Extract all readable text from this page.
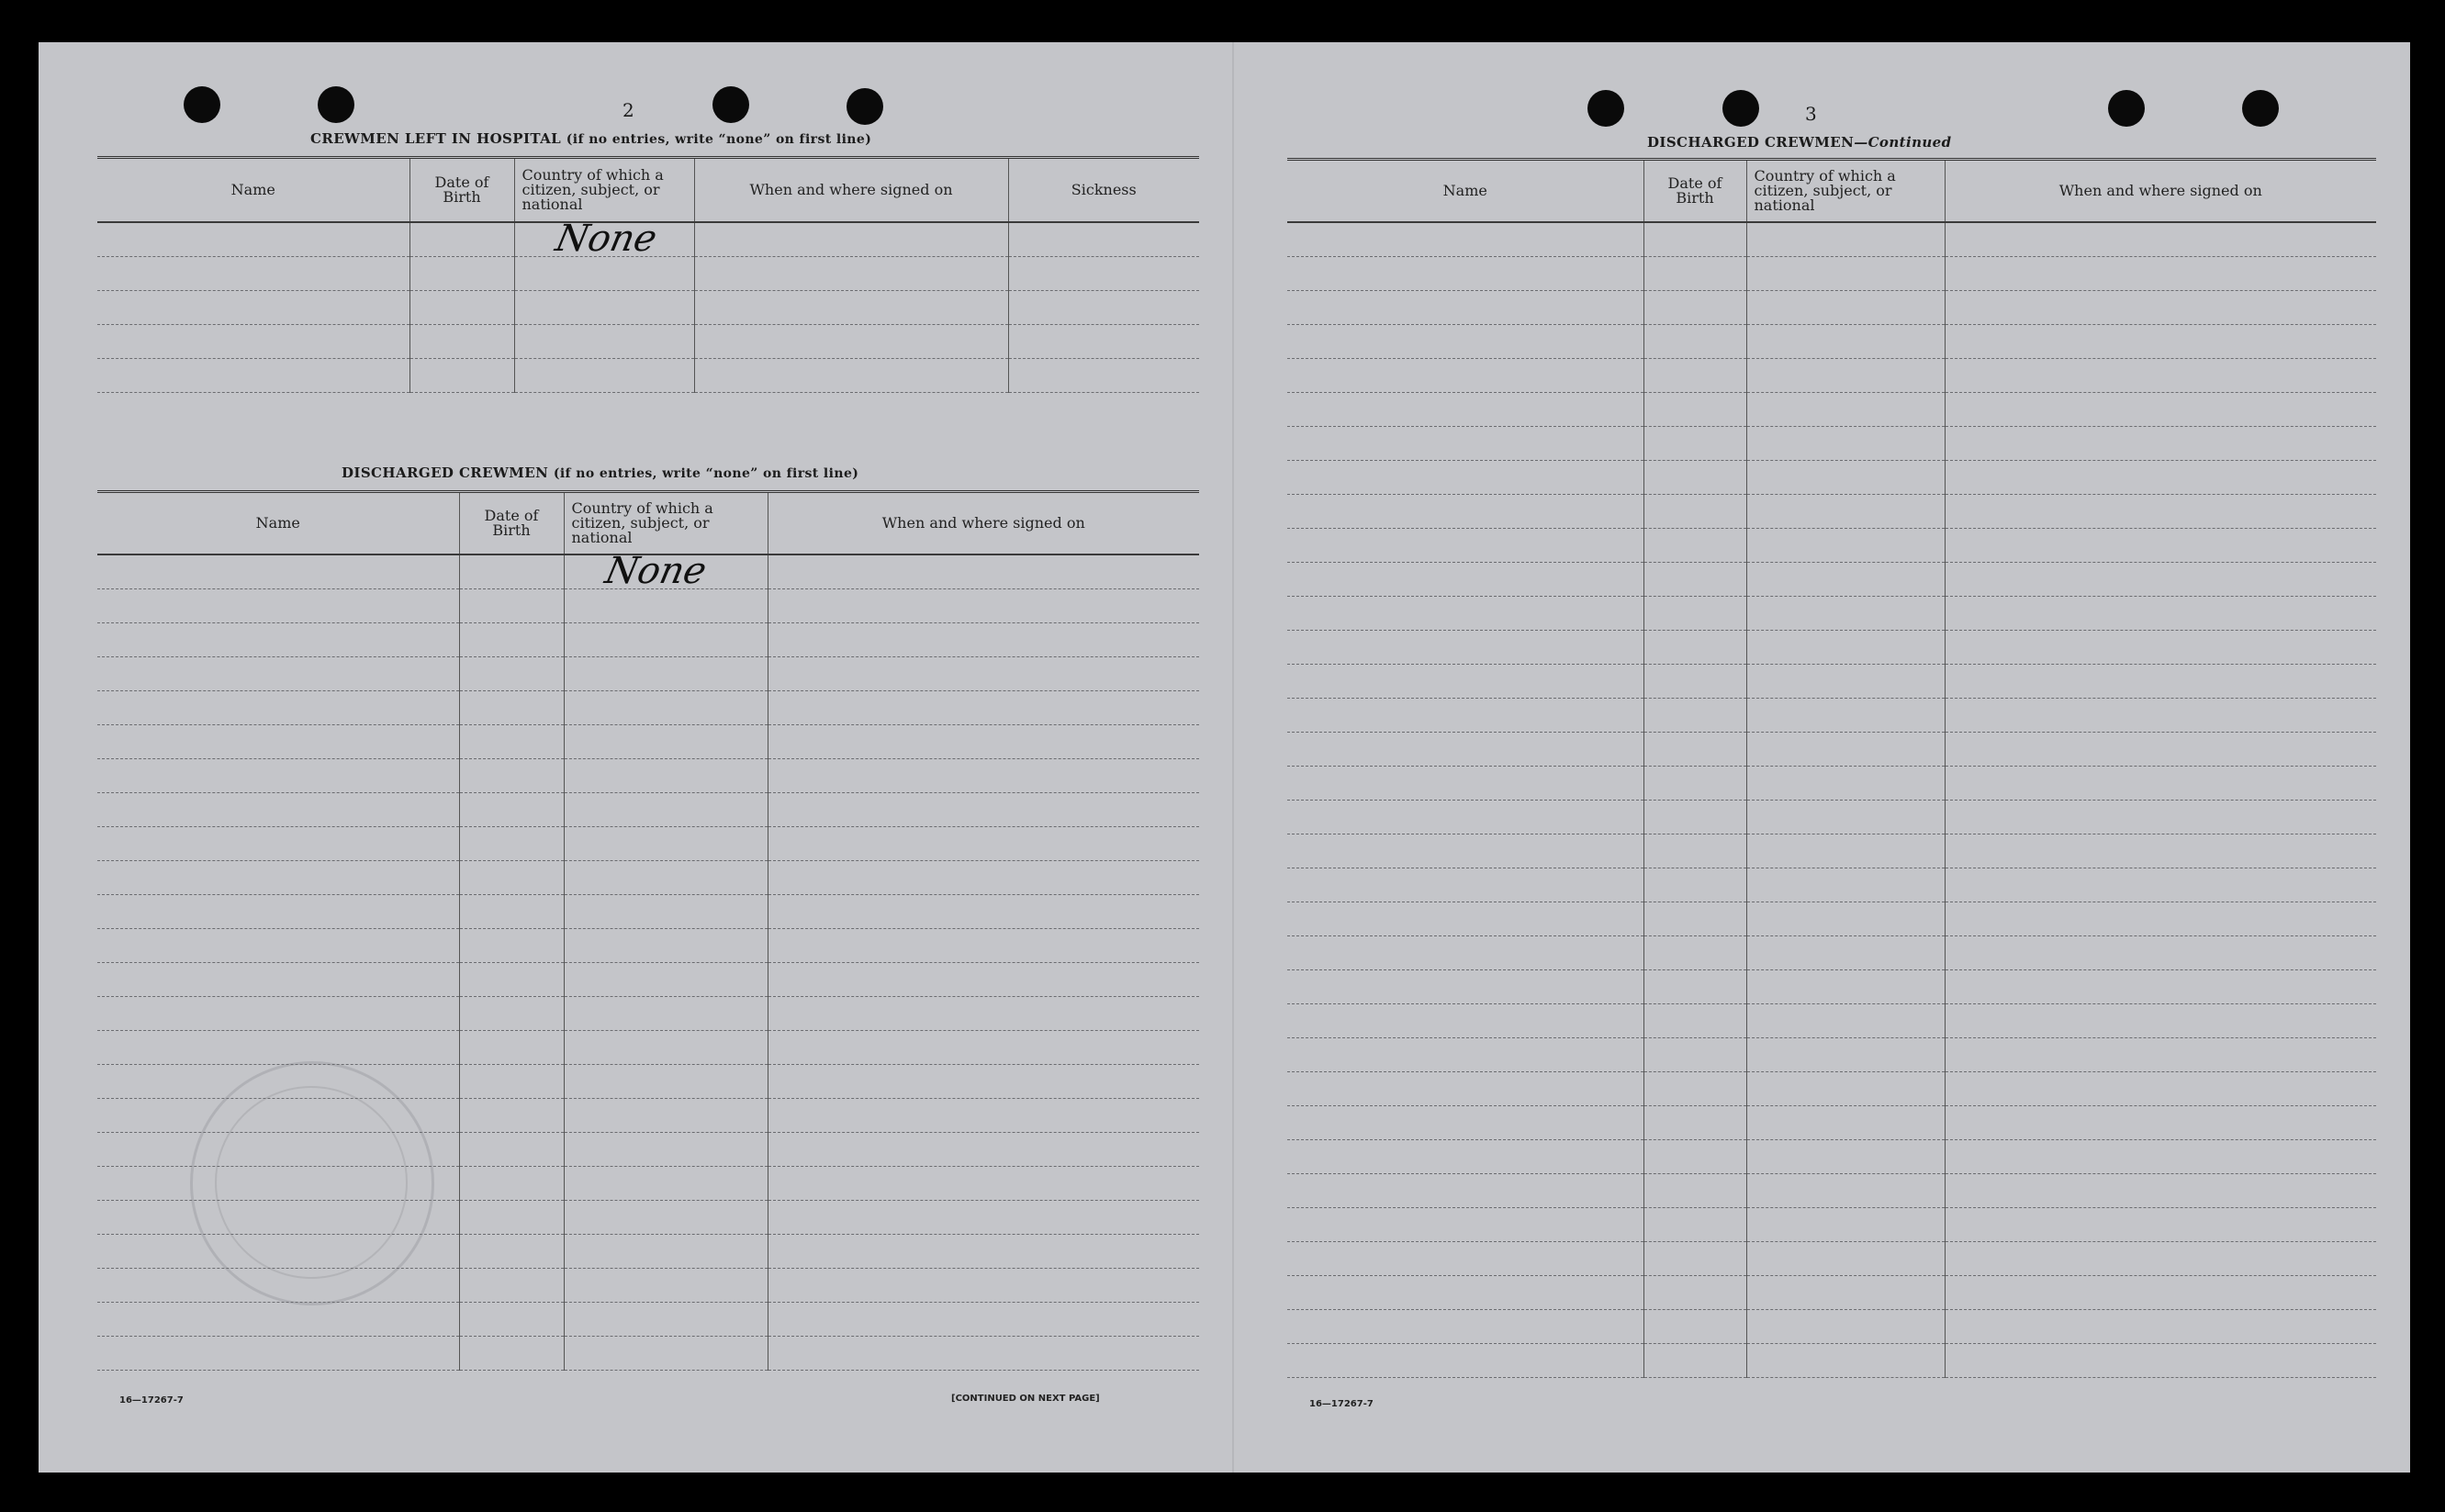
2
CREWMEN LEFT IN HOSPITAL (if no entries, write “none” on first line)
Name	Date of Birth	Country of which a citizen, subject, or national	When and where signed on	Sickness
		None		

DISCHARGED CREWMEN (if no entries, write “none” on first line)
Name	Date of Birth	Country of which a citizen, subject, or national	When and where signed on
		None	

16—17267-7	[CONTINUED ON NEXT PAGE]
3
DISCHARGED CREWMEN—Continued
Name	Date of Birth	Country of which a citizen, subject, or national	When and where signed on

16—17267-7
